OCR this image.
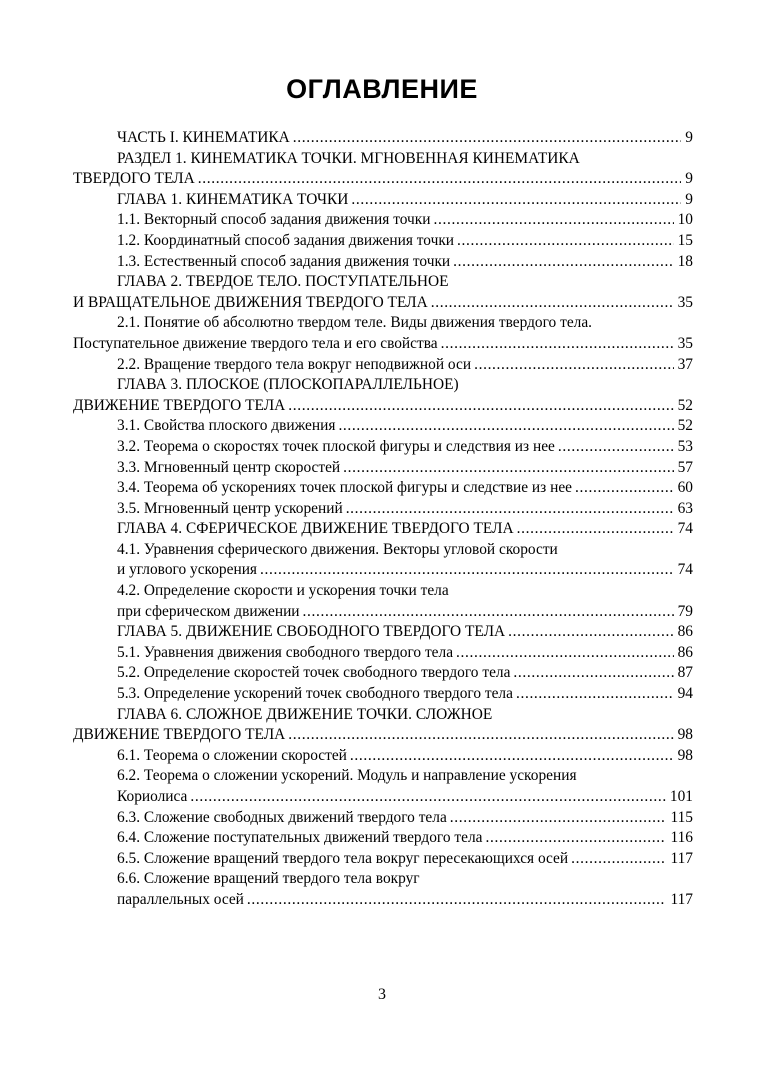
ОГЛАВЛЕНИЕ
ЧАСТЬ I. КИНЕМАТИКА . . .	9
РАЗДЕЛ 1. КИНЕМАТИКА ТОЧКИ. МГНОВЕННАЯ КИНЕМАТИКА
ТВЕРДОГО ТЕЛА . . .	9
ГЛАВА 1. КИНЕМАТИКА ТОЧКИ . . .	9
1.1. Векторный способ задания движения точки . . .	10
1.2. Координатный способ задания движения точки . . .	15
1.3. Естественный способ задания движения точки . . .	18
ГЛАВА 2. ТВЕРДОЕ ТЕЛО. ПОСТУПАТЕЛЬНОЕ
И ВРАЩАТЕЛЬНОЕ ДВИЖЕНИЯ ТВЕРДОГО ТЕЛА . . .	35
2.1. Понятие об абсолютно твердом теле. Виды движения твердого тела.
Поступательное движение твердого тела и его свойства . . .	35
2.2. Вращение твердого тела вокруг неподвижной оси . . .	37
ГЛАВА 3. ПЛОСКОЕ (ПЛОСКОПАРАЛЛЕЛЬНОЕ)
ДВИЖЕНИЕ ТВЕРДОГО ТЕЛА . . .	52
3.1. Свойства плоского движения . . .	52
3.2. Теорема о скоростях точек плоской фигуры и следствия из нее . . .	53
3.3. Мгновенный центр скоростей . . .	57
3.4. Теорема об ускорениях точек плоской фигуры и следствие из нее . . .	60
3.5. Мгновенный центр ускорений . . .	63
ГЛАВА 4. СФЕРИЧЕСКОЕ ДВИЖЕНИЕ ТВЕРДОГО ТЕЛА . . .	74
4.1. Уравнения сферического движения. Векторы угловой скорости
и углового ускорения . . .	74
4.2. Определение скорости и ускорения точки тела
при сферическом движении . . .	79
ГЛАВА 5. ДВИЖЕНИЕ СВОБОДНОГО ТВЕРДОГО ТЕЛА . . .	86
5.1. Уравнения движения свободного твердого тела . . .	86
5.2. Определение скоростей точек свободного твердого тела . . .	87
5.3. Определение ускорений точек свободного твердого тела . . .	94
ГЛАВА 6. СЛОЖНОЕ ДВИЖЕНИЕ ТОЧКИ. СЛОЖНОЕ
ДВИЖЕНИЕ ТВЕРДОГО ТЕЛА . . .	98
6.1. Теорема о сложении скоростей . . .	98
6.2. Теорема о сложении ускорений. Модуль и направление ускорения
Кориолиса . . .	101
6.3. Сложение свободных движений твердого тела . . .	115
6.4. Сложение поступательных движений твердого тела . . .	116
6.5. Сложение вращений твердого тела вокруг пересекающихся осей . . .	117
6.6. Сложение вращений твердого тела вокруг
параллельных осей . . .	117
3
